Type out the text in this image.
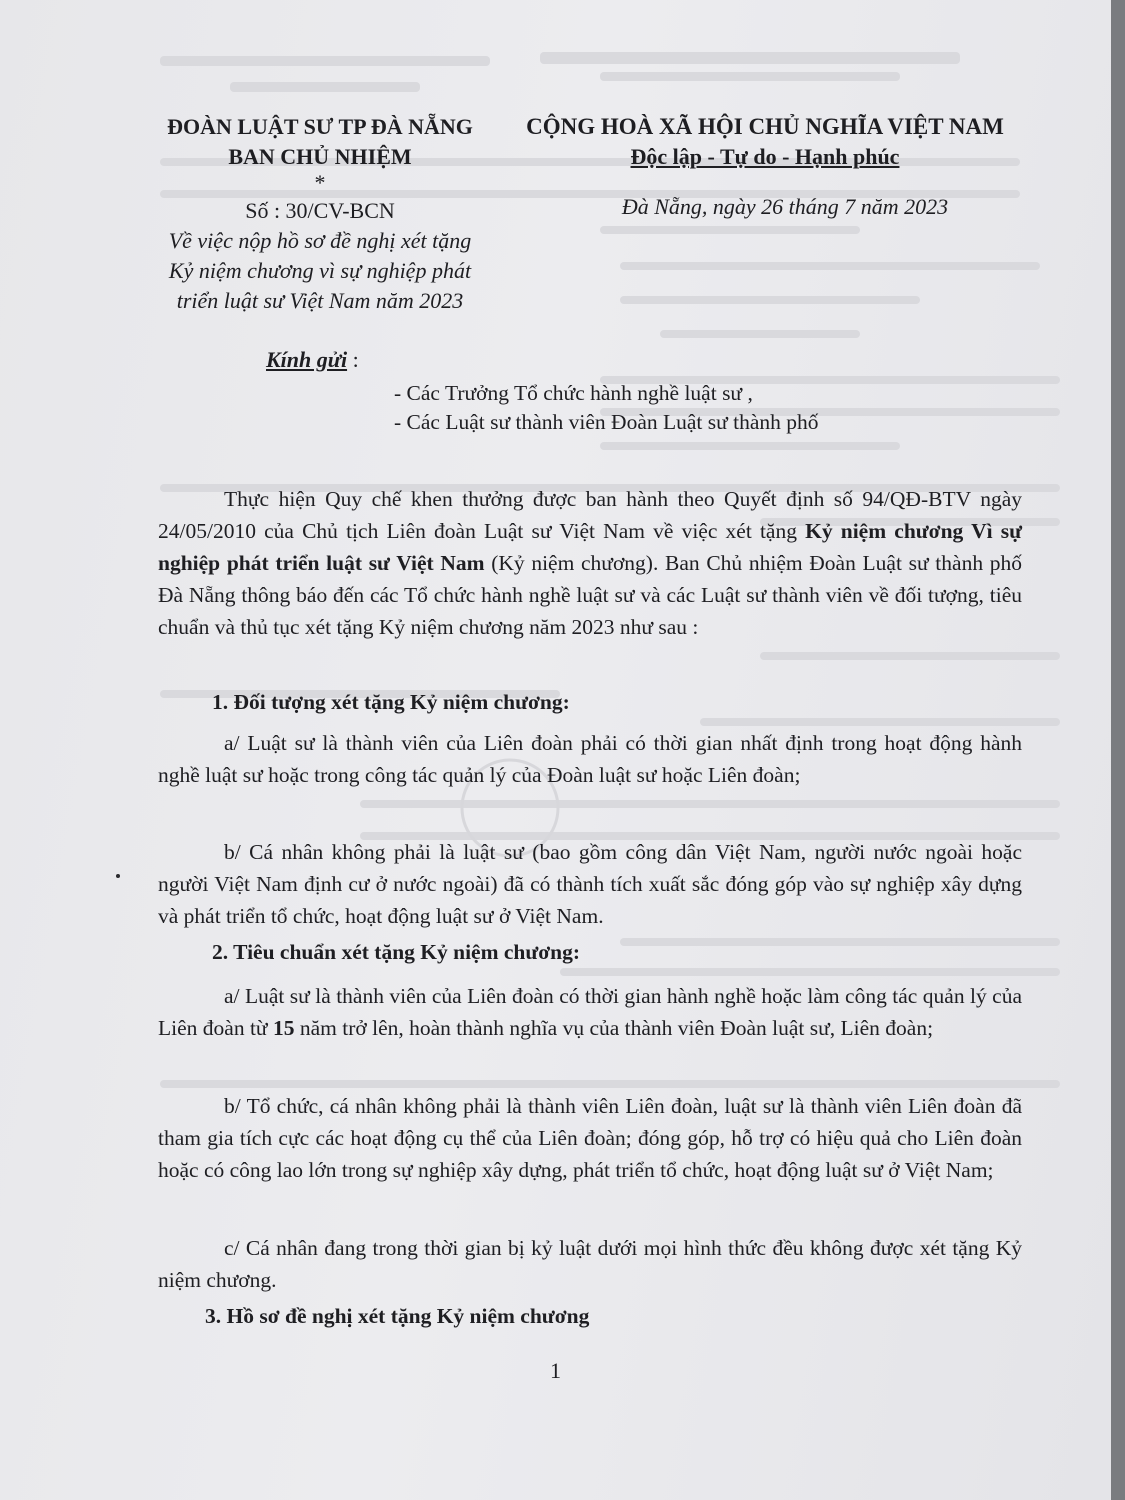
ĐOÀN LUẬT SƯ TP ĐÀ NẴNG
BAN CHỦ NHIỆM
*
Số : 30/CV-BCN
Về việc nộp hồ sơ đề nghị xét tặng
Kỷ niệm chương vì sự nghiệp phát
triển luật sư Việt Nam năm 2023
CỘNG HOÀ XÃ HỘI CHỦ NGHĨA VIỆT NAM
Độc lập - Tự do - Hạnh phúc
Đà Nẵng, ngày 26 tháng 7 năm 2023
Kính gửi :
- Các Trưởng Tổ chức hành nghề luật sư ,
- Các Luật sư thành viên Đoàn Luật sư thành phố
Thực hiện Quy chế khen thưởng được ban hành theo Quyết định số 94/QĐ-BTV ngày 24/05/2010 của Chủ tịch Liên đoàn Luật sư Việt Nam về việc xét tặng Kỷ niệm chương Vì sự nghiệp phát triển luật sư Việt Nam (Kỷ niệm chương). Ban Chủ nhiệm Đoàn Luật sư thành phố Đà Nẵng thông báo đến các Tổ chức hành nghề luật sư và các Luật sư thành viên về đối tượng, tiêu chuẩn và thủ tục xét tặng Kỷ niệm chương năm 2023 như sau :
1. Đối tượng xét tặng Kỷ niệm chương:
a/ Luật sư là thành viên của Liên đoàn phải có thời gian nhất định trong hoạt động hành nghề luật sư hoặc trong công tác quản lý của Đoàn luật sư hoặc Liên đoàn;
b/ Cá nhân không phải là luật sư (bao gồm công dân Việt Nam, người nước ngoài hoặc người Việt Nam định cư ở nước ngoài) đã có thành tích xuất sắc đóng góp vào sự nghiệp xây dựng và phát triển tổ chức, hoạt động luật sư ở Việt Nam.
2. Tiêu chuẩn xét tặng Kỷ niệm chương:
a/ Luật sư là thành viên của Liên đoàn có thời gian hành nghề hoặc làm công tác quản lý của Liên đoàn từ 15 năm trở lên, hoàn thành nghĩa vụ của thành viên Đoàn luật sư, Liên đoàn;
b/ Tổ chức, cá nhân không phải là thành viên Liên đoàn, luật sư là thành viên Liên đoàn đã tham gia tích cực các hoạt động cụ thể của Liên đoàn; đóng góp, hỗ trợ có hiệu quả cho Liên đoàn hoặc có công lao lớn trong sự nghiệp xây dựng, phát triển tổ chức, hoạt động luật sư ở Việt Nam;
c/ Cá nhân đang trong thời gian bị kỷ luật dưới mọi hình thức đều không được xét tặng Kỷ niệm chương.
3. Hồ sơ đề nghị xét tặng Kỷ niệm chương
1
